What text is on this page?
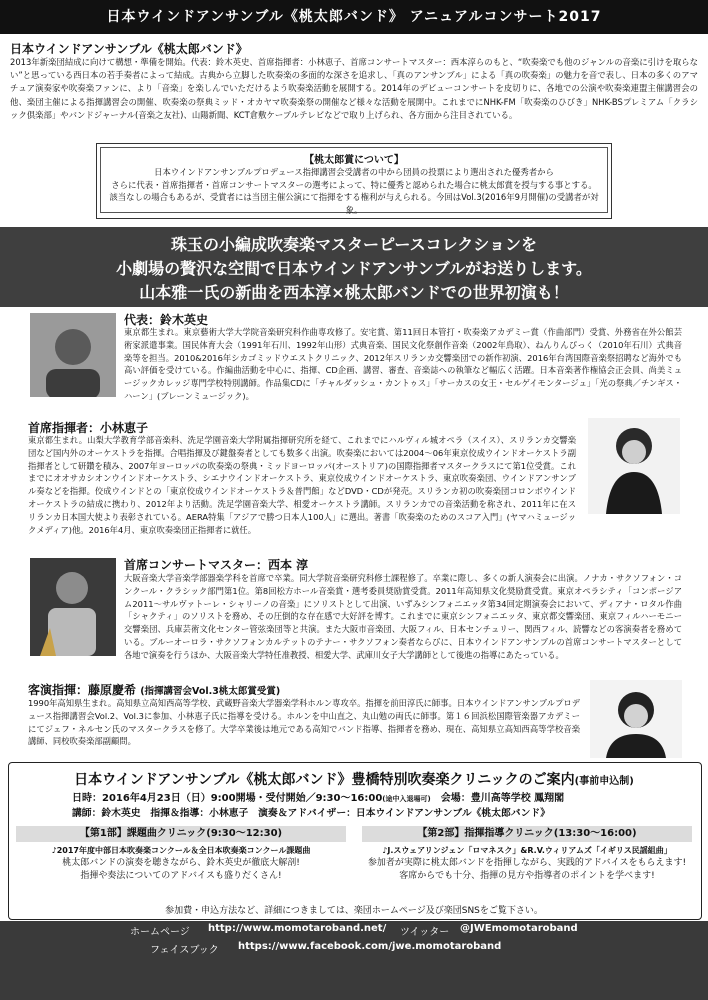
日本ウインドアンサンブル《桃太郎バンド》 アニュアルコンサート2017
日本ウインドアンサンブル《桃太郎バンド》
2013年新楽団結成に向けて構想・準備を開始。代表：鈴木英史、首席指揮者：小林恵子、首席コンサートマスター：西本淳らのもと、“吹奏楽でも他のジャンルの音楽に引けを取らない”と思っている西日本の若手奏者によって結成。古典から立脚した吹奏楽の多面的な深さを追求し、「真のアンサンブル」による「真の吹奏楽」の魅力を音で表し、日本の多くのアマチュア演奏家や吹奏楽ファンに、より「音楽」を楽しんでいただけるよう吹奏楽活動を展開する。2014年のデビューコンサートを皮切りに、各地での公演や吹奏楽連盟主催講習会の他、楽団主催による指揮講習会の開催、吹奏楽の祭典ミッド・オカヤマ吹奏楽祭の開催など様々な活動を展開中。これまでにNHK-FM「吹奏楽のひびき」NHK-BSプレミアム「クラシック倶楽部」やバンドジャーナル(音楽之友社)、山陽新聞、KCT倉敷ケーブルテレビなどで取り上げられ、各方面から注目されている。
【桃太郎賞について】
日本ウインドアンサンブルプロデュース指揮講習会受講者の中から団員の投票により選出された優秀者から
さらに代表・首席指揮者・首席コンサートマスターの選考によって、特に優秀と認められた場合に桃太郎賞を授与する事とする。
該当なしの場合もあるが、受賞者には当団主催公演にて指揮をする権利が与えられる。今回はVol.3(2016年9月開催)の受講者が対象。
珠玉の小編成吹奏楽マスターピースコレクションを
小劇場の贅沢な空間で日本ウインドアンサンブルがお送りします。
山本雅一氏の新曲を西本淳×桃太郎バンドでの世界初演も！
代表：鈴木英史
東京都生まれ。東京藝術大学大学院音楽研究科作曲専攻修了。安宅賞、第11回日本管打・吹奏楽アカデミー賞（作曲部門）受賞、外務省在外公館芸術家派遣事業。国民体育大会（1991年石川、1992年山形）式典音楽、国民文化祭創作音楽（2002年鳥取）、ねんりんぴっく（2010年石川）式典音楽等を担当。2010&2016年シカゴミッドウエストクリニック、2012年スリランカ交響楽団での新作初演、2016年台湾国際音楽祭招聘など海外でも高い評価を受けている。作編曲活動を中心に、指揮、CD企画、講習、審査、音楽誌への執筆など幅広く活躍。日本音楽著作権協会正会員、尚美ミュージックカレッジ専門学校特別講師。作品集CDに「チャルダッシュ・カントゥス」「サーカスの女王・セルゲイモンタージュ」「光の祭典／チンギス・ハーン」(ブレーンミュージック)。
首席指揮者：小林恵子
東京都生まれ。山梨大学教育学部音楽科、洗足学園音楽大学附属指揮研究所を経て、これまでにハルヴィル城オペラ（スイス）、スリランカ交響楽団など国内外のオーケストラを指揮。合唱指揮及び鍵盤奏者としても数多く出演。吹奏楽においては2004～06年東京佼成ウインドオーケストラ副指揮者として研鑽を積み、2007年ヨーロッパの吹奏楽の祭典・ミッドヨーロッパ(オーストリア)の国際指揮者マスタークラスにて第1位受賞。これまでにオオサカシオンウインドオーケストラ、シエナウインドオーケストラ、東京佼成ウインドオーケストラ、東京吹奏楽団、ウインドアンサンブル奏などを指揮。佼成ウインドとの「東京佼成ウインドオーケストラ＆普門館」などDVD・CDが発売。スリランカ初の吹奏楽団コロンボウインドオーケストラの結成に携わり、2012年より活動。洗足学園音楽大学、相愛オーケストラ講師。スリランカでの音楽活動を称され、2011年に在スリランカ日本国大使より表彰されている。AERA特集「アジアで勝つ日本人100人」に選出。著書「吹奏楽のためのスコア入門」(ヤマハミュージックメディア)他。2016年4月、東京吹奏楽団正指揮者に就任。
首席コンサートマスター：西本 淳
大阪音楽大学音楽学部器楽学科を首席で卒業。同大学院音楽研究科修士課程修了。卒業に際し、多くの新人演奏会に出演。ノナカ・サクソフォン・コンクール・クラシック部門第1位。第8回松方ホール音楽賞・選考委員奨励賞受賞。2011年高知県文化奨励賞受賞。東京オペラシティ「コンポージアム2011～サルヴァトーレ・シャリーノの音楽」にソリストとして出演、いずみシンフォニエッタ第34回定期演奏会において、ディアナ・ロタル作曲「シャクティ」のソリストを務め、その圧倒的な存在感で大好評を博す。これまでに東京シンフォニエッタ、東京都交響楽団、東京フィルハーモニー交響楽団、兵庫芸術文化センター管弦楽団等と共演。また大阪市音楽団、大阪フィル、日本センチュリー、関西フィル、読響などの客演奏者を務めている。ブルーオーロラ・サクソフォンカルテットのテナー・サクソフォン奏者ならびに、日本ウインドアンサンブルの首席コンサートマスターとして各地で演奏を行うほか、大阪音楽大学特任准教授、相愛大学、武庫川女子大学講師として後進の指導にあたっている。
客演指揮：藤原慶希 (指揮講習会Vol.3桃太郎賞受賞)
1990年高知県生まれ。高知県立高知西高等学校、武蔵野音楽大学器楽学科ホルン専攻卒。指揮を前田淳氏に師事。日本ウインドアンサンブルプロデュース指揮講習会Vol.2、Vol.3に参加、小林恵子氏に指導を受ける。ホルンを中山直之、丸山勉の両氏に師事。第１６回浜松国際管楽器アカデミーにてジェフ・ネルセン氏のマスタークラスを修了。大学卒業後は地元である高知でバンド指導、指揮者を務め、現在、高知県立高知西高等学校音楽講師、同校吹奏楽部副顧問。
日本ウインドアンサンブル《桃太郎バンド》豊橋特別吹奏楽クリニックのご案内(事前申込制)
日時：2016年4月23日（日）9:00開場・受付開始／9:30～16:00(途中入退場可)　 会場：豊川高等学校 鳳翔閣
講師：鈴木英史　指揮＆指導：小林恵子　演奏＆アドバイザー：日本ウインドアンサンブル《桃太郎バンド》
【第1部】課題曲クリニック(9:30～12:30)
♪2017年度中部日本吹奏楽コンクール＆全日本吹奏楽コンクール課題曲
桃太郎バンドの演奏を聴きながら、鈴木英史が徹底大解剖!
指揮や奏法についてのアドバイスも盛りだくさん!
【第2部】指揮指導クリニック(13:30～16:00)
♪J.スウェアリンジェン「ロマネスク」&R.V.ウィリアムズ「イギリス民謡組曲」
参加者が実際に桃太郎バンドを指揮しながら、実践的アドバイスをもらえます!
客席からでも十分、指揮の見方や指導者のポイントを学べます!
参加費・申込方法など、詳細につきましては、楽団ホームページ及び楽団SNSをご覧下さい。
ホームページ http://www.momotaroband.net/ ツイッター @JWEmomotaroband
フェイスブック https://www.facebook.com/jwe.momotaroband
